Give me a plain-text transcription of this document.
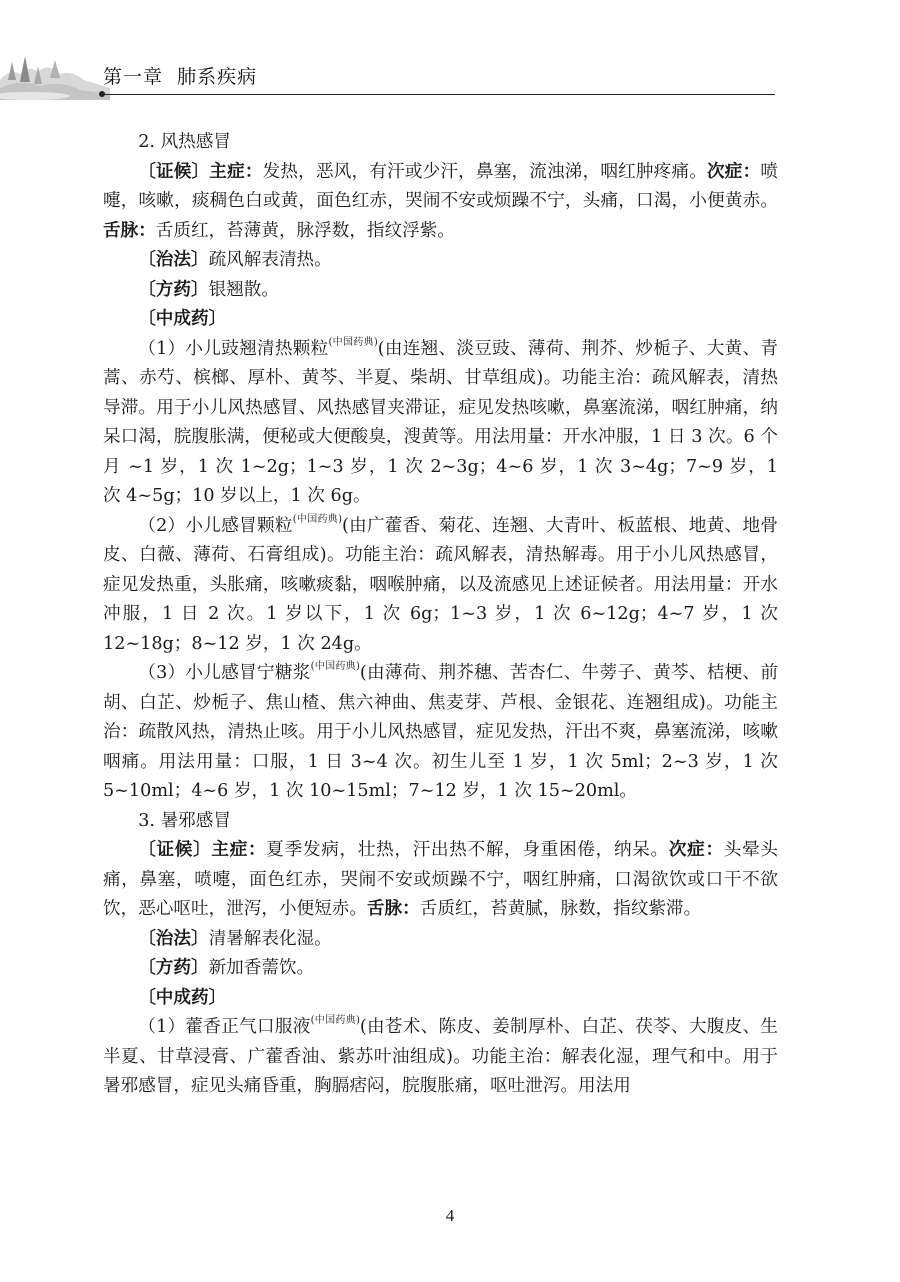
第一章 肺系疾病

2. 风热感冒

〔证候〕主症：发热，恶风，有汗或少汗，鼻塞，流浊涕，咽红肿疼痛。次症：喷嚏，咳嗽，痰稠色白或黄，面色红赤，哭闹不安或烦躁不宁，头痛，口渴，小便黄赤。舌脉：舌质红，苔薄黄，脉浮数，指纹浮紫。

〔治法〕疏风解表清热。

〔方药〕银翘散。

〔中成药〕

（1）小儿豉翘清热颗粒$^{(中国药典)}$(由连翘、淡豆豉、薄荷、荆芥、炒栀子、大黄、青蒿、赤芍、槟榔、厚朴、黄芩、半夏、柴胡、甘草组成)。功能主治：疏风解表，清热导滞。用于小儿风热感冒、风热感冒夹滞证，症见发热咳嗽，鼻塞流涕，咽红肿痛，纳呆口渴，脘腹胀满，便秘或大便酸臭，溲黄等。用法用量：开水冲服，1 日 3 次。6 个月 ~1 岁，1 次 1~2g；1~3 岁，1 次 2~3g；4~6 岁，1 次 3~4g；7~9 岁，1 次 4~5g；10 岁以上，1 次 6g。

（2）小儿感冒颗粒$^{(中国药典)}$(由广藿香、菊花、连翘、大青叶、板蓝根、地黄、地骨皮、白薇、薄荷、石膏组成)。功能主治：疏风解表，清热解毒。用于小儿风热感冒，症见发热重，头胀痛，咳嗽痰黏，咽喉肿痛，以及流感见上述证候者。用法用量：开水冲服，1 日 2 次。1 岁以下，1 次 6g；1~3 岁，1 次 6~12g；4~7 岁，1 次 12~18g；8~12 岁，1 次 24g。

（3）小儿感冒宁糖浆$^{(中国药典)}$(由薄荷、荆芥穗、苦杏仁、牛蒡子、黄芩、桔梗、前胡、白芷、炒栀子、焦山楂、焦六神曲、焦麦芽、芦根、金银花、连翘组成)。功能主治：疏散风热，清热止咳。用于小儿风热感冒，症见发热，汗出不爽，鼻塞流涕，咳嗽咽痛。用法用量：口服，1 日 3~4 次。初生儿至 1 岁，1 次 5ml；2~3 岁，1 次 5~10ml；4~6 岁，1 次 10~15ml；7~12 岁，1 次 15~20ml。

3. 暑邪感冒

〔证候〕主症：夏季发病，壮热，汗出热不解，身重困倦，纳呆。次症：头晕头痛，鼻塞，喷嚏，面色红赤，哭闹不安或烦躁不宁，咽红肿痛，口渴欲饮或口干不欲饮，恶心呕吐，泄泻，小便短赤。舌脉：舌质红，苔黄腻，脉数，指纹紫滞。

〔治法〕清暑解表化湿。

〔方药〕新加香薷饮。

〔中成药〕

（1）藿香正气口服液$^{(中国药典)}$(由苍术、陈皮、姜制厚朴、白芷、茯苓、大腹皮、生半夏、甘草浸膏、广藿香油、紫苏叶油组成)。功能主治：解表化湿，理气和中。用于暑邪感冒，症见头痛昏重，胸膈痞闷，脘腹胀痛，呕吐泄泻。用法用

4
